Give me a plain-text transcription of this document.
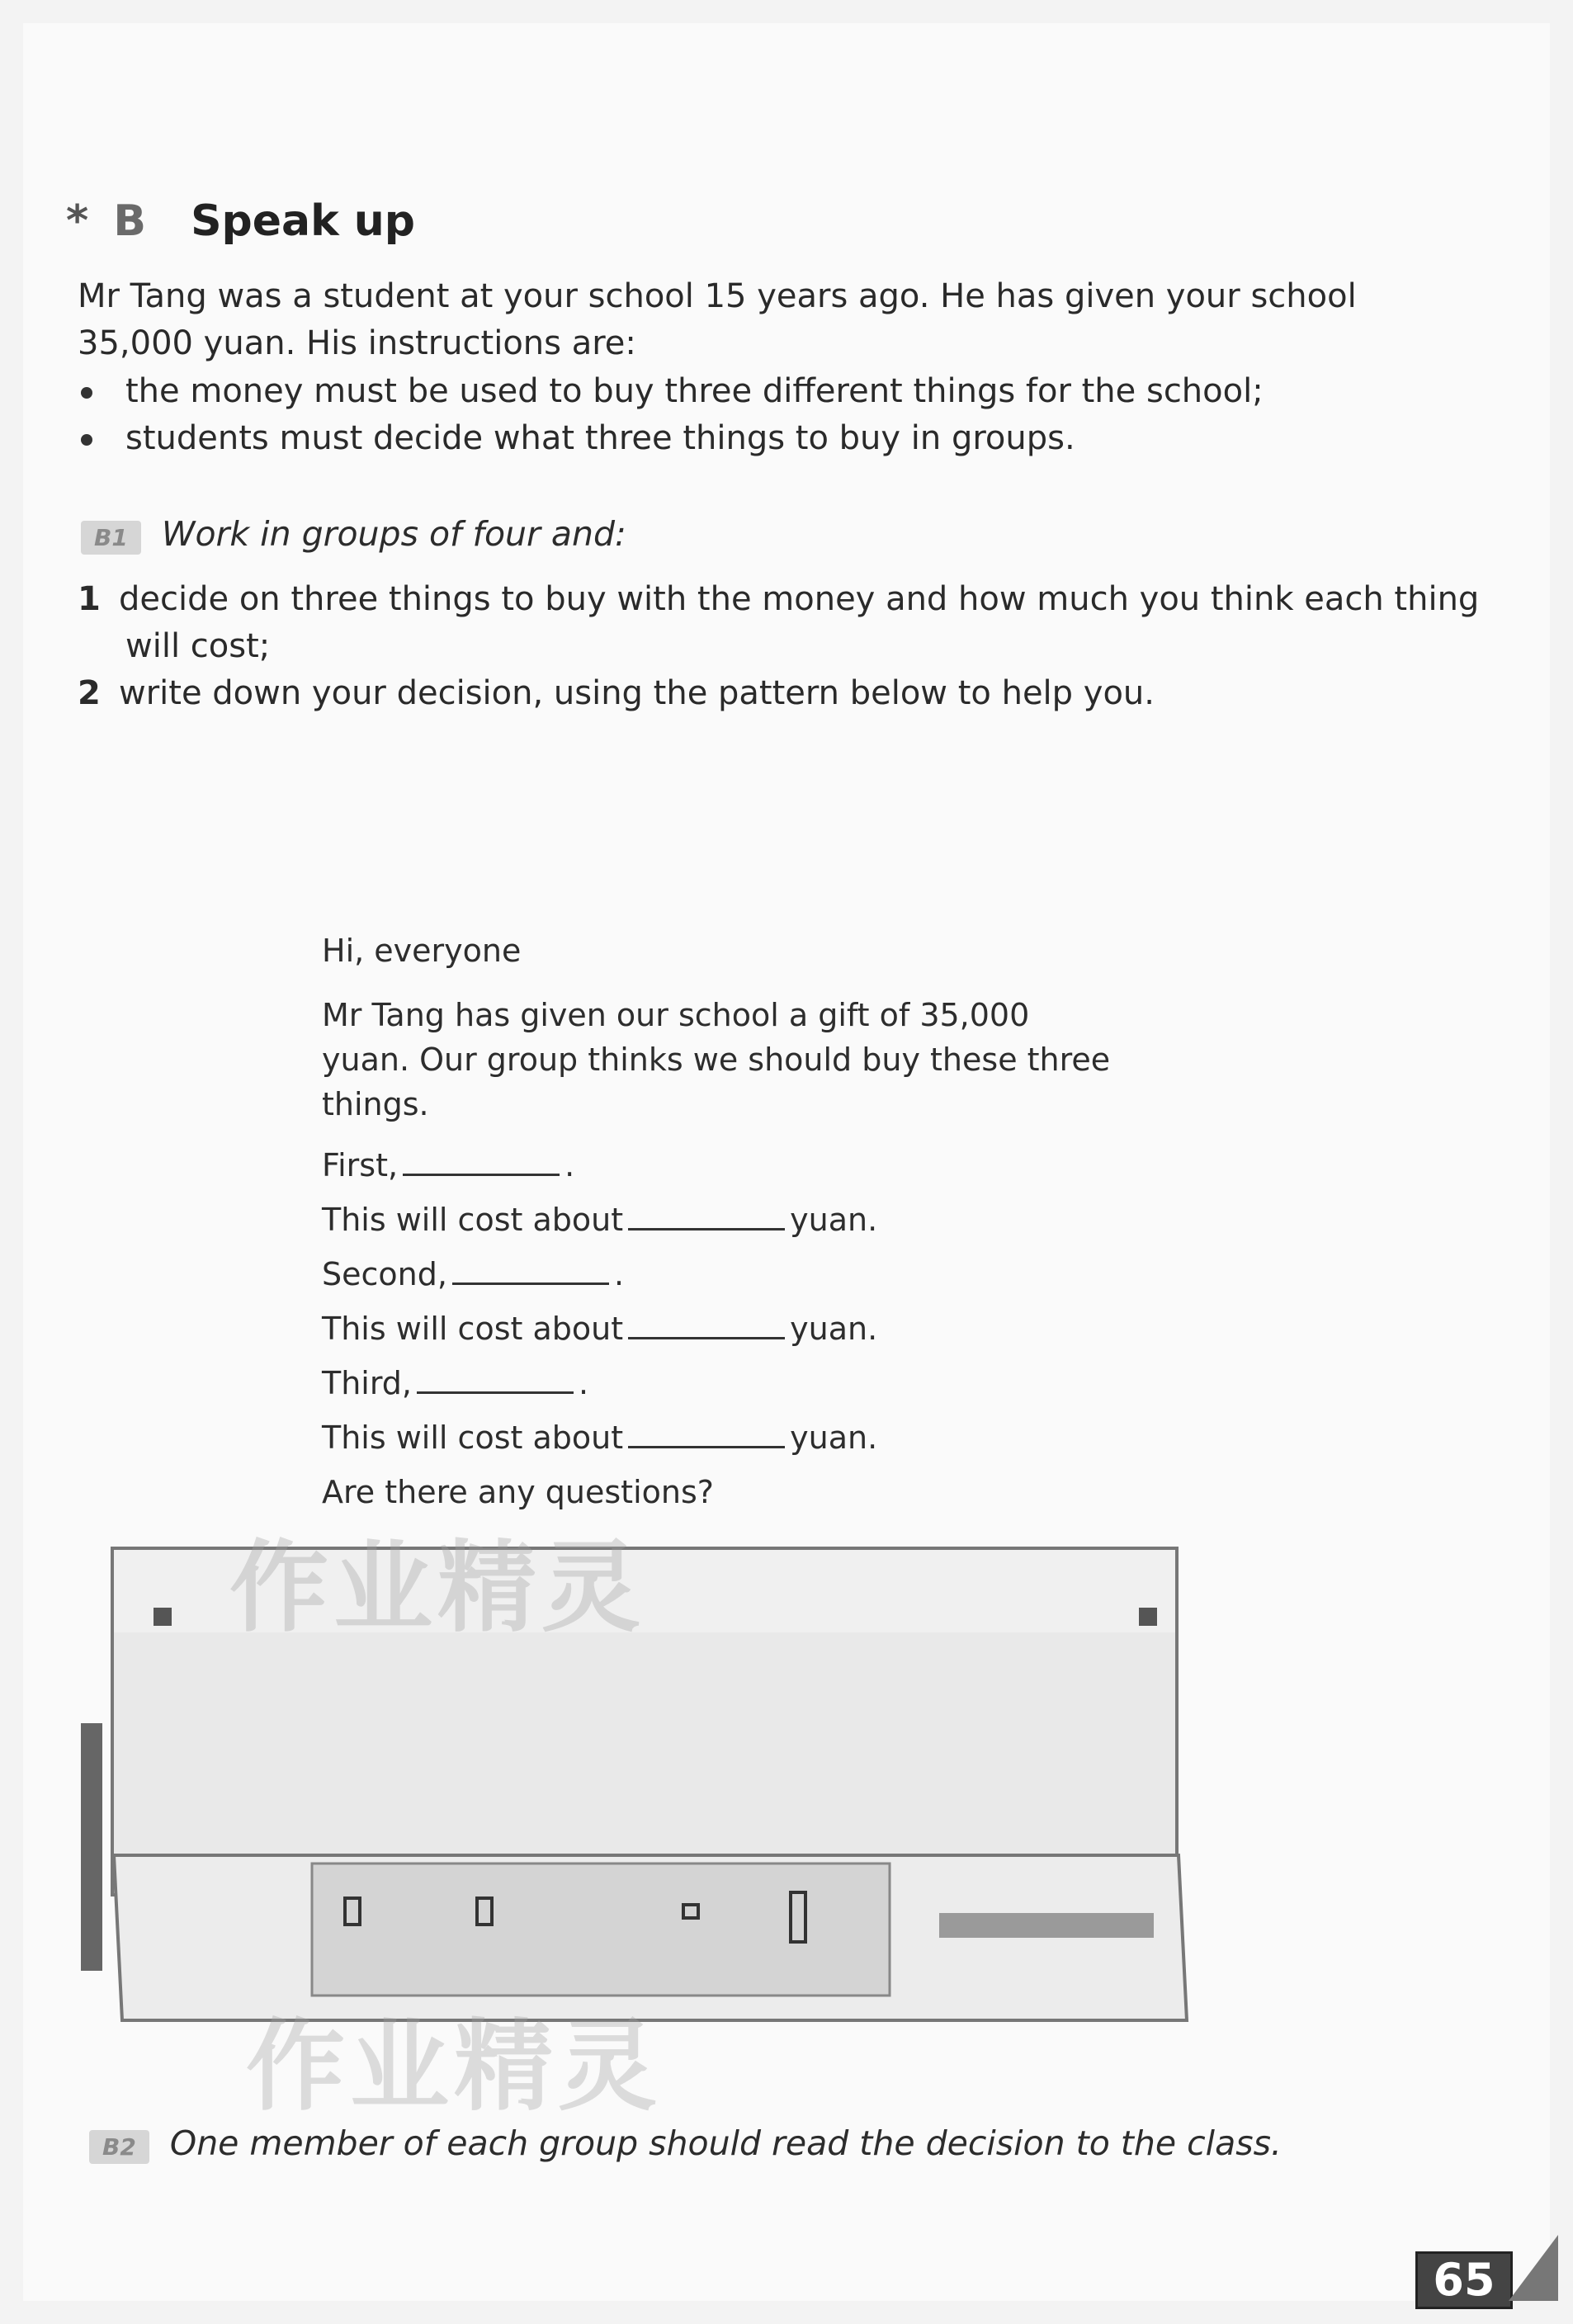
* B Speak up
Mr Tang was a student at your school 15 years ago. He has given your school
35,000 yuan. His instructions are:
the money must be used to buy three different things for the school;
students must decide what three things to buy in groups.
B1 Work in groups of four and:
1 decide on three things to buy with the money and how much you think each thing
will cost;
2 write down your decision, using the pattern below to help you.
作业精灵
作业精灵
Hi, everyone
Mr Tang has given our school a gift of 35,000
yuan. Our group thinks we should buy these three
things.
First,	.
This will cost about	yuan.
Second,	.
This will cost about	yuan.
Third,	.
This will cost about	yuan.
Are there any questions?
B2 One member of each group should read the decision to the class.
65
